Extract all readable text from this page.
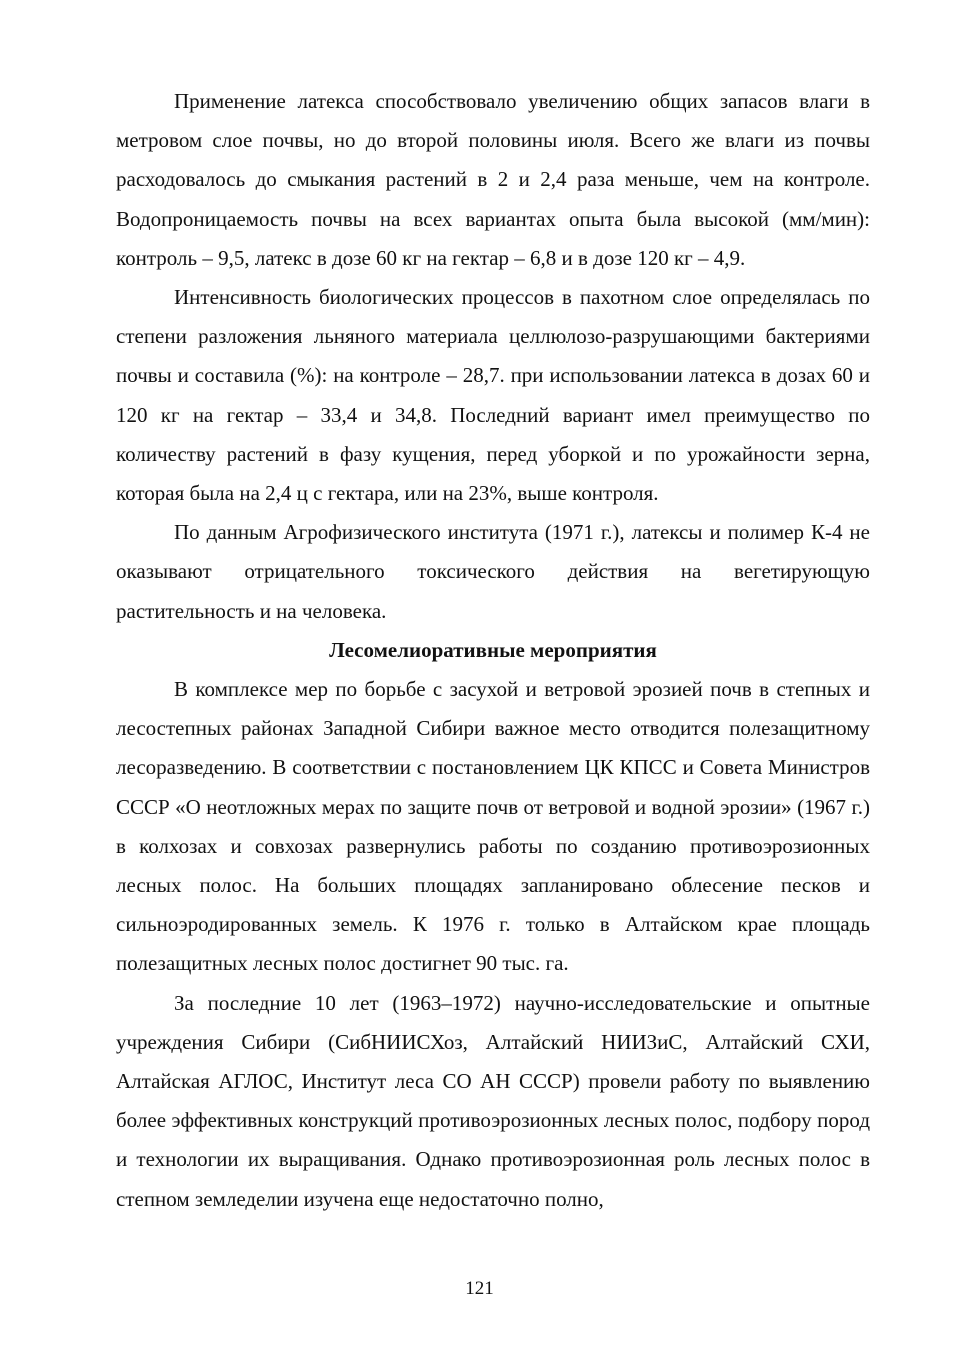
Применение латекса способствовало увеличению общих запасов влаги в метровом слое почвы, но до второй половины июля. Всего же влаги из почвы расходовалось до смыкания растений в 2 и 2,4 раза меньше, чем на контроле. Водопроницаемость почвы на всех вариантах опыта была высокой (мм/мин): контроль – 9,5, латекс в дозе 60 кг на гектар – 6,8 и в дозе 120 кг – 4,9.

Интенсивность биологических процессов в пахотном слое определялась по степени разложения льняного материала целлюлозо-разрушающими бактериями почвы и составила (%): на контроле – 28,7. при использовании латекса в дозах 60 и 120 кг на гектар – 33,4 и 34,8. Последний вариант имел преимущество по количеству растений в фазу кущения, перед уборкой и по урожайности зерна, которая была на 2,4 ц с гектара, или на 23%, выше контроля.

По данным Агрофизического института (1971 г.), латексы и полимер К-4 не оказывают отрицательного токсического действия на вегетирующую растительность и на человека.

Лесомелиоративные мероприятия

В комплексе мер по борьбе с засухой и ветровой эрозией почв в степных и лесостепных районах Западной Сибири важное место отводится полезащитному лесоразведению. В соответствии с постановлением ЦК КПСС и Совета Министров СССР «О неотложных мерах по защите почв от ветровой и водной эрозии» (1967 г.) в колхозах и совхозах развернулись работы по созданию противоэрозионных лесных полос. На больших площадях запланировано облесение песков и сильноэродированных земель. К 1976 г. только в Алтайском крае площадь полезащитных лесных полос достигнет 90 тыс. га.

За последние 10 лет (1963–1972) научно-исследовательские и опытные учреждения Сибири (СибНИИСХоз, Алтайский НИИЗиС, Алтайский СХИ, Алтайская АГЛОС, Институт леса СО АН СССР) провели работу по выявлению более эффективных конструкций противоэрозионных лесных полос, подбору пород и технологии их выращивания. Однако противоэрозионная роль лесных полос в степном земледелии изучена еще недостаточно полно,

121
